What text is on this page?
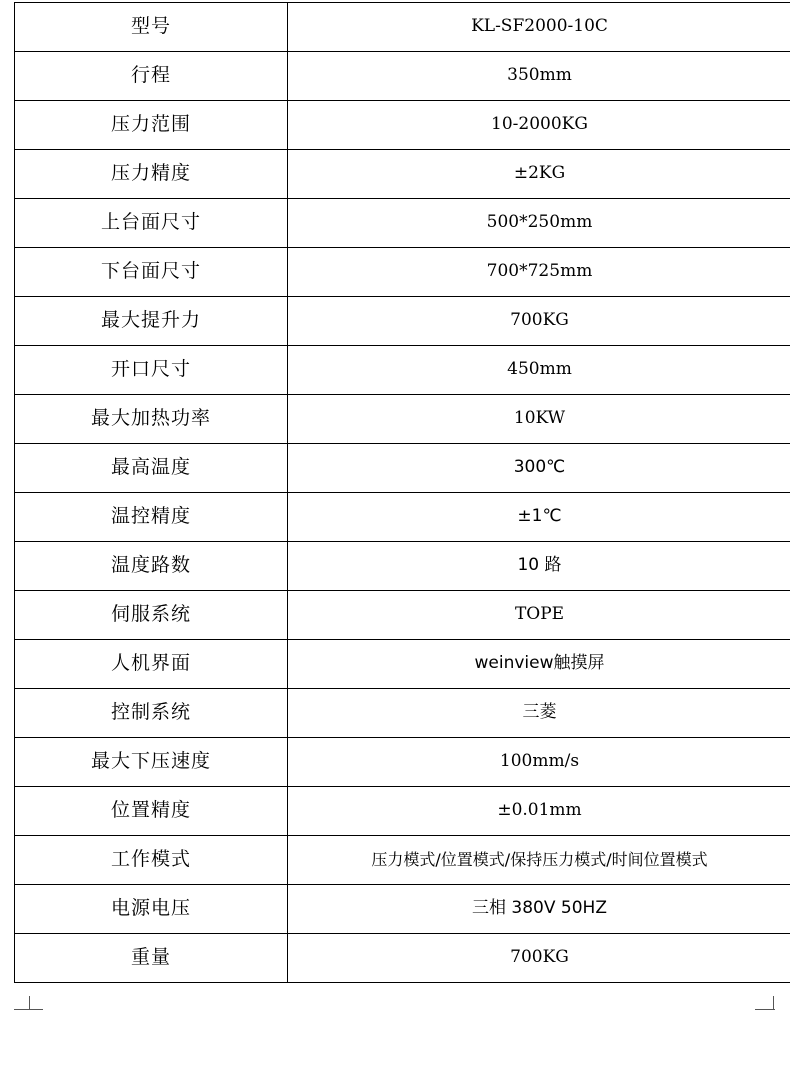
型号	KL-SF2000-10C
行程	350mm
压力范围	10-2000KG
压力精度	±2KG
上台面尺寸	500*250mm
下台面尺寸	700*725mm
最大提升力	700KG
开口尺寸	450mm
最大加热功率	10KW
最高温度	300℃
温控精度	±1℃
温度路数	10 路
伺服系统	TOPE
人机界面	weinview触摸屏
控制系统	三菱
最大下压速度	100mm/s
位置精度	±0.01mm
工作模式	压力模式/位置模式/保持压力模式/时间位置模式
电源电压	三相 380V 50HZ
重量	700KG
